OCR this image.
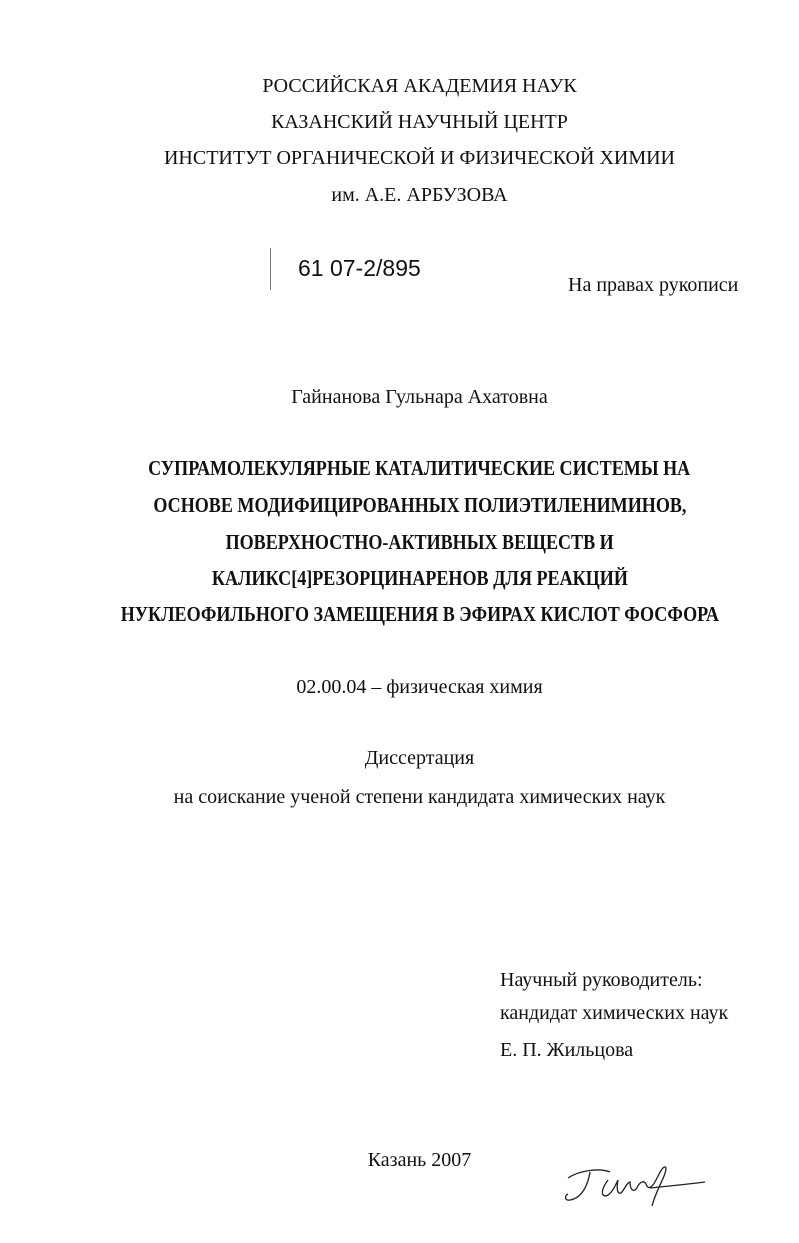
РОССИЙСКАЯ АКАДЕМИЯ НАУК
КАЗАНСКИЙ НАУЧНЫЙ ЦЕНТР
ИНСТИТУТ ОРГАНИЧЕСКОЙ И ФИЗИЧЕСКОЙ ХИМИИ
им. А.Е. АРБУЗОВА
61 07-2/895
На правах рукописи
Гайнанова Гульнара Ахатовна
СУПРАМОЛЕКУЛЯРНЫЕ КАТАЛИТИЧЕСКИЕ СИСТЕМЫ НА
ОСНОВЕ МОДИФИЦИРОВАННЫХ ПОЛИЭТИЛЕНИМИНОВ,
ПОВЕРХНОСТНО-АКТИВНЫХ ВЕЩЕСТВ И
КАЛИКС[4]РЕЗОРЦИНАРЕНОВ ДЛЯ РЕАКЦИЙ
НУКЛЕОФИЛЬНОГО ЗАМЕЩЕНИЯ В ЭФИРАХ КИСЛОТ ФОСФОРА
02.00.04 – физическая химия
Диссертация
на соискание ученой степени кандидата химических наук
Научный руководитель:
кандидат химических наук
Е. П. Жильцова
Казань 2007
